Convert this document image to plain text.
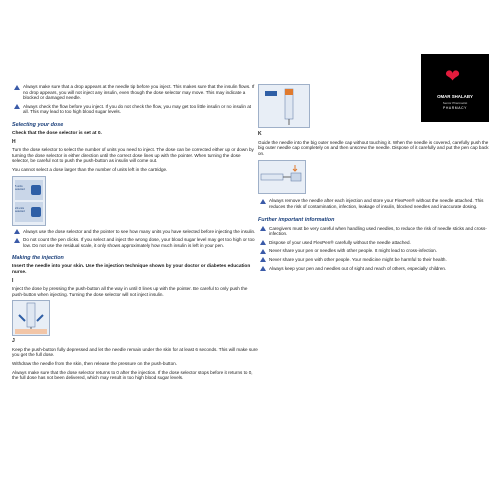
❤
OMAR SHALABY
Senior Pharmacist
PHARMACY

Always make sure that a drop appears at the needle tip before you inject. This makes sure that the insulin flows. If no drop appears, you will not inject any insulin, even though the dose selector may move. This may indicate a blocked or damaged needle.

Always check the flow before you inject. If you do not check the flow, you may get too little insulin or no insulin at all. This may lead to too high blood sugar levels.

Selecting your dose

Check that the dose selector is set at 0.

H

Turn the dose selector to select the number of units you need to inject. The dose can be corrected either up or down by turning the dose selector in either direction until the correct dose lines up with the pointer. When turning the dose selector, be careful not to push the push-button as insulin will come out.

You cannot select a dose larger than the number of units left in the cartridge.

5 units selected
24 units selected

Always use the dose selector and the pointer to see how many units you have selected before injecting the insulin.

Do not count the pen clicks. If you select and inject the wrong dose, your blood sugar level may get too high or too low. Do not use the residual scale, it only shows approximately how much insulin is left in your pen.

Making the injection

Insert the needle into your skin. Use the injection technique shown by your doctor or diabetes education nurse.

I

Inject the dose by pressing the push-button all the way in until 0 lines up with the pointer. Be careful to only push the push-button when injecting. Turning the dose selector will not inject insulin.

J

Keep the push-button fully depressed and let the needle remain under the skin for at least 6 seconds. This will make sure you get the full dose.

Withdraw the needle from the skin, then release the pressure on the push-button.

Always make sure that the dose selector returns to 0 after the injection. If the dose selector stops before it returns to 0, the full dose has not been delivered, which may result in too high blood sugar levels.

K

Guide the needle into the big outer needle cap without touching it. When the needle is covered, carefully push the big outer needle cap completely on and then unscrew the needle. Dispose of it carefully and put the pen cap back on.

Always remove the needle after each injection and store your FlexPen® without the needle attached. This reduces the risk of contamination, infection, leakage of insulin, blocked needles and inaccurate dosing.

Further important information

Caregivers must be very careful when handling used needles, to reduce the risk of needle sticks and cross-infection.

Dispose of your used FlexPen® carefully without the needle attached.

Never share your pen or needles with other people. It might lead to cross-infection.

Never share your pen with other people. Your medicine might be harmful to their health.

Always keep your pen and needles out of sight and reach of others, especially children.
